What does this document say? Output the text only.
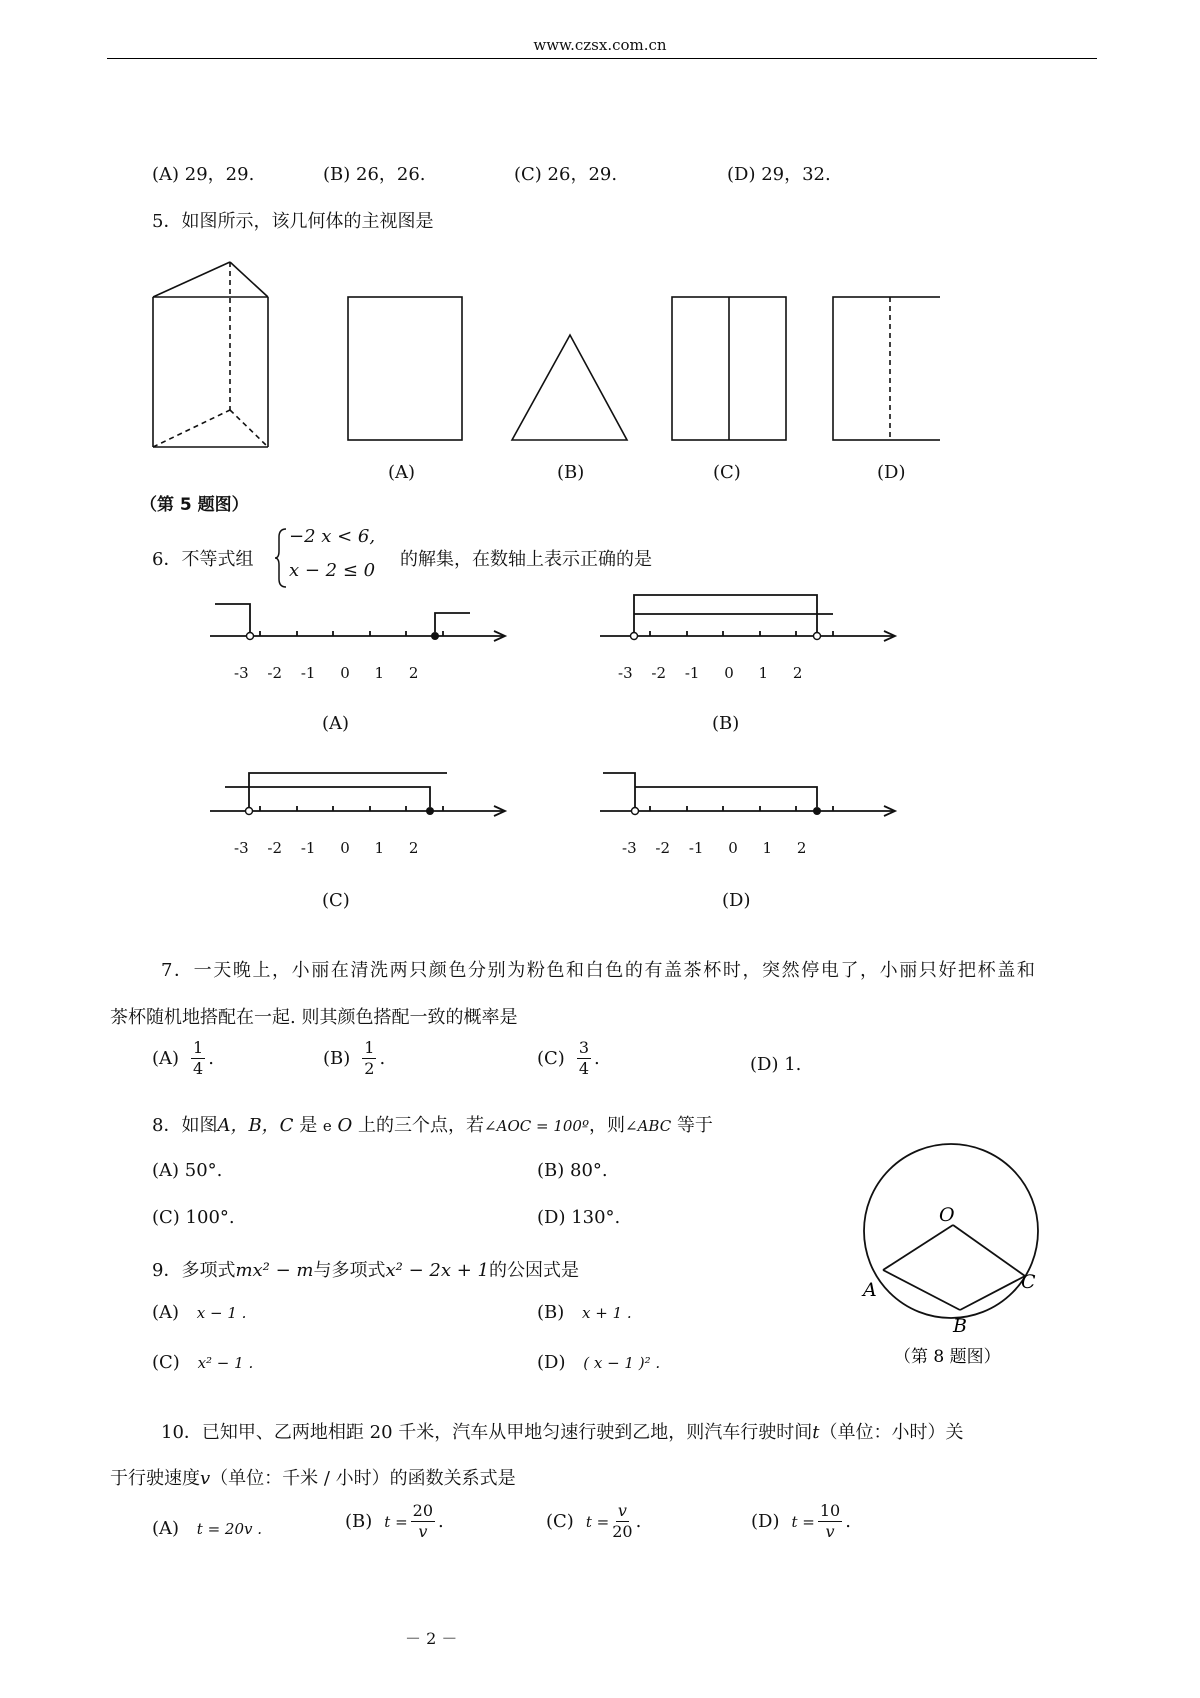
www.czsx.com.cn
(A) 29，29.	(B) 26，26.	(C) 26，29.	(D) 29，32.
5．如图所示，该几何体的主视图是
(A)	(B)	(C)	(D)
（第 5 题图）
6．不等式组
−2 x < 6,
x − 2 ≤ 0
的解集，在数轴上表示正确的是
-3 -2 -1 0 1 2	-3 -2 -1 0 1 2
(A)	(B)
-3 -2 -1 0 1 2	-3 -2 -1 0 1 2
(C)	(D)
7．一天晚上，小丽在清洗两只颜色分别为粉色和白色的有盖茶杯时，突然停电了，小丽只好把杯盖和
茶杯随机地搭配在一起. 则其颜色搭配一致的概率是
$(A) \frac{1}{4}$ .	$(B) \frac{1}{2}$ .	$(C) \frac{3}{4}$ .	(D) 1.
8．如图A，B，C 是 e O 上的三个点，若∠AOC = 100º，则∠ABC 等于
(A) 50°.	(B) 80°.
(C) 100°.	(D) 130°.	O
A
B
C
（第 8 题图）
9．多项式mx² − m与多项式x² − 2x + 1的公因式是
(A) x − 1 .	(B) x + 1 .
(C) x² − 1 .	(D) ( x − 1 )² .
10．已知甲、乙两地相距 20 千米，汽车从甲地匀速行驶到乙地，则汽车行驶时间t（单位：小时）关
于行驶速度v（单位：千米 / 小时）的函数关系式是
(A) t = 20v .	(B) $t = \frac{20}{v}$ .	(C) $t = \frac{v}{20}$ .	(D) $t = \frac{10}{v}$ .
－ 2 －
